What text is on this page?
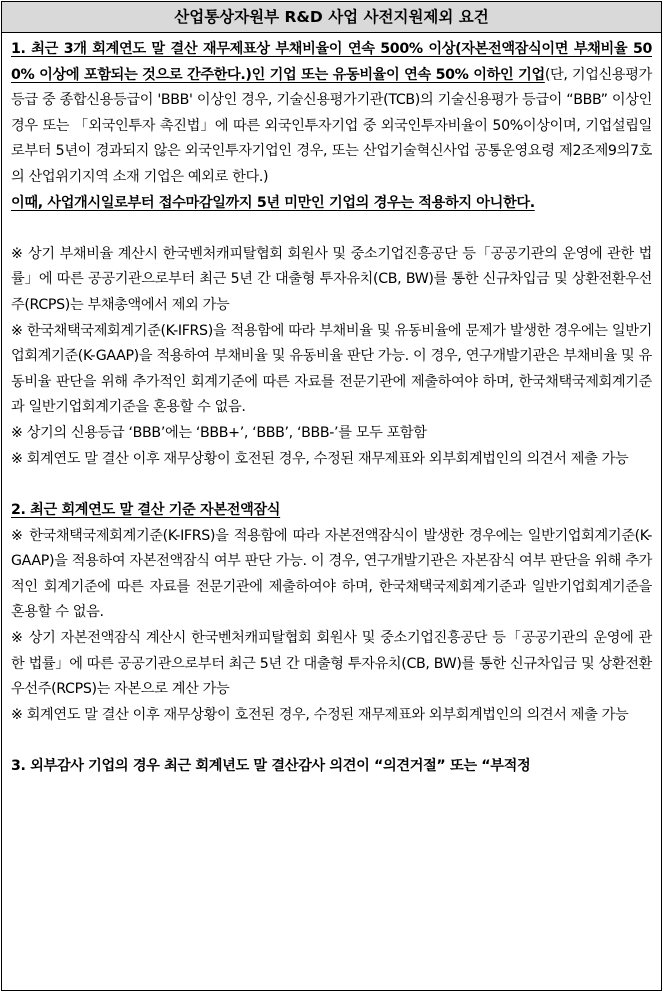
산업통상자원부 R&D 사업 사전지원제외 요건

1. 최근 3개 회계연도 말 결산 재무제표상 부채비율이 연속 500% 이상(자본전액잠식이면 부채비율 500% 이상에 포함되는 것으로 간주한다.)인 기업 또는 유동비율이 연속 50% 이하인 기업(단, 기업신용평가등급 중 종합신용등급이 'BBB' 이상인 경우, 기술신용평가기관(TCB)의 기술신용평가 등급이 “BBB” 이상인 경우 또는 「외국인투자 촉진법」에 따른 외국인투자기업 중 외국인투자비율이 50%이상이며, 기업설립일로부터 5년이 경과되지 않은 외국인투자기업인 경우, 또는 산업기술혁신사업 공통운영요령 제2조제9의7호의 산업위기지역 소재 기업은 예외로 한다.)

이때, 사업개시일로부터 접수마감일까지 5년 미만인 기업의 경우는 적용하지 아니한다.

※ 상기 부채비율 계산시 한국벤처캐피탈협회 회원사 및 중소기업진흥공단 등「공공기관의 운영에 관한 법률」에 따른 공공기관으로부터 최근 5년 간 대출형 투자유치(CB, BW)를 통한 신규차입금 및 상환전환우선주(RCPS)는 부채총액에서 제외 가능

※ 한국채택국제회계기준(K-IFRS)을 적용함에 따라 부채비율 및 유동비율에 문제가 발생한 경우에는 일반기업회계기준(K-GAAP)을 적용하여 부채비율 및 유동비율 판단 가능. 이 경우, 연구개발기관은 부채비율 및 유동비율 판단을 위해 추가적인 회계기준에 따른 자료를 전문기관에 제출하여야 하며, 한국채택국제회계기준과 일반기업회계기준을 혼용할 수 없음.

※ 상기의 신용등급 ‘BBB’에는 ‘BBB+’, ‘BBB’, ‘BBB-’를 모두 포함함

※ 회계연도 말 결산 이후 재무상황이 호전된 경우, 수정된 재무제표와 외부회계법인의 의견서 제출 가능

2. 최근 회계연도 말 결산 기준 자본전액잠식

※ 한국채택국제회계기준(K-IFRS)을 적용함에 따라 자본전액잠식이 발생한 경우에는 일반기업회계기준(K-GAAP)을 적용하여 자본전액잠식 여부 판단 가능. 이 경우, 연구개발기관은 자본잠식 여부 판단을 위해 추가적인 회계기준에 따른 자료를 전문기관에 제출하여야 하며, 한국채택국제회계기준과 일반기업회계기준을 혼용할 수 없음.

※ 상기 자본전액잠식 계산시 한국벤처캐피탈협회 회원사 및 중소기업진흥공단 등「공공기관의 운영에 관한 법률」에 따른 공공기관으로부터 최근 5년 간 대출형 투자유치(CB, BW)를 통한 신규차입금 및 상환전환우선주(RCPS)는 자본으로 계산 가능

※ 회계연도 말 결산 이후 재무상황이 호전된 경우, 수정된 재무제표와 외부회계법인의 의견서 제출 가능

3. 외부감사 기업의 경우 최근 회계년도 말 결산감사 의견이 “의견거절” 또는 “부적정
